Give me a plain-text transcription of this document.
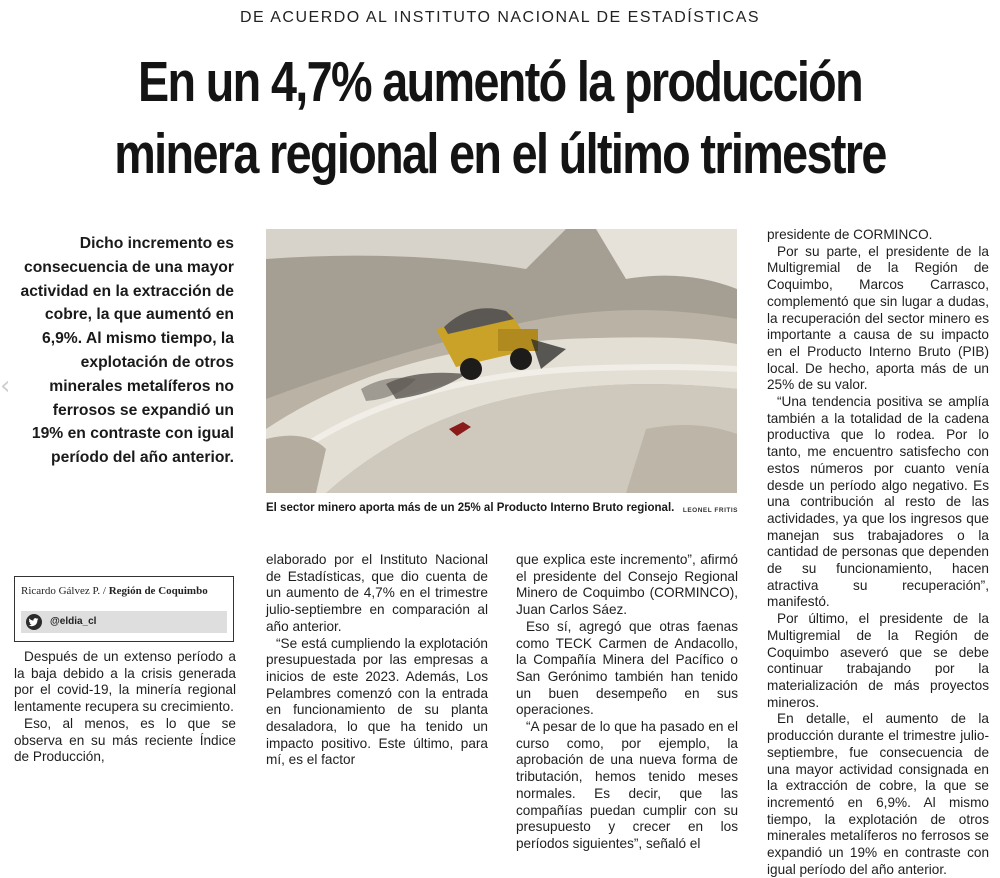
‹
DE ACUERDO AL INSTITUTO NACIONAL DE ESTADÍSTICAS
En un 4,7% aumentó la producción
minera regional en el último trimestre
Dicho incremento es consecuencia de una mayor actividad en la extracción de cobre, la que aumentó en 6,9%. Al mismo tiempo, la explotación de otros minerales metalíferos no ferrosos se expandió un 19% en contraste con igual período del año anterior.
El sector minero aporta más de un 25% al Producto Interno Bruto regional.	LEONEL FRITIS
Ricardo Gálvez P. / Región de Coquimbo
@eldia_cl

Después de un extenso período a la baja debido a la crisis generada por el covid-19, la minería regional lentamente recupera su crecimiento.

Eso, al menos, es lo que se observa en su más reciente Índice de Producción,

elaborado por el Instituto Nacional de Estadísticas, que dio cuenta de un aumento de 4,7% en el trimestre julio-septiembre en comparación al año anterior.

“Se está cumpliendo la explotación presupuestada por las empresas a inicios de este 2023. Además, Los Pelambres comenzó con la entrada en funcionamiento de su planta desaladora, lo que ha tenido un impacto positivo. Este último, para mí, es el factor

que explica este incremento”, afirmó el presidente del Consejo Regional Minero de Coquimbo (CORMINCO), Juan Carlos Sáez.

Eso sí, agregó que otras faenas como TECK Carmen de Andacollo, la Compañía Minera del Pacífico o San Gerónimo también han tenido un buen desempeño en sus operaciones.

“A pesar de lo que ha pasado en el curso como, por ejemplo, la aprobación de una nueva forma de tributación, hemos tenido meses normales. Es decir, que las compañías puedan cumplir con su presupuesto y crecer en los períodos siguientes”, señaló el

presidente de CORMINCO.

Por su parte, el presidente de la Multigremial de la Región de Coquimbo, Marcos Carrasco, complementó que sin lugar a dudas, la recuperación del sector minero es importante a causa de su impacto en el Producto Interno Bruto (PIB) local. De hecho, aporta más de un 25% de su valor.

“Una tendencia positiva se amplía también a la totalidad de la cadena productiva que lo rodea. Por lo tanto, me encuentro satisfecho con estos números por cuanto venía desde un período algo negativo. Es una contribución al resto de las actividades, ya que los ingresos que manejan sus trabajadores o la cantidad de personas que dependen de su funcionamiento, hacen atractiva su recuperación”, manifestó.

Por último, el presidente de la Multigremial de la Región de Coquimbo aseveró que se debe continuar trabajando por la materialización de más proyectos mineros.

En detalle, el aumento de la producción durante el trimestre julio-septiembre, fue consecuencia de una mayor actividad consignada en la extracción de cobre, la que se incrementó en 6,9%. Al mismo tiempo, la explotación de otros minerales metalíferos no ferrosos se expandió un 19% en contraste con igual período del año anterior.
